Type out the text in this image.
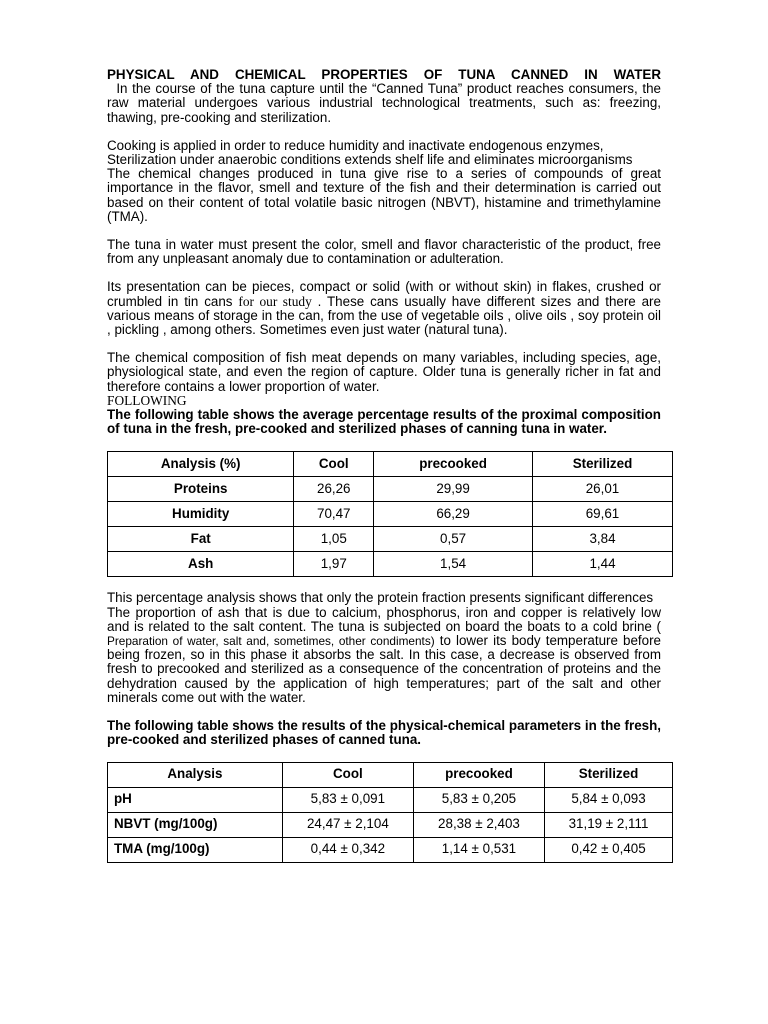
PHYSICAL AND CHEMICAL PROPERTIES OF TUNA CANNED IN WATER

In the course of the tuna capture until the “Canned Tuna” product reaches consumers, the raw material undergoes various industrial technological treatments, such as: freezing, thawing, pre-cooking and sterilization.

Cooking is applied in order to reduce humidity and inactivate endogenous enzymes,

Sterilization under anaerobic conditions extends shelf life and eliminates microorganisms

The chemical changes produced in tuna give rise to a series of compounds of great importance in the flavor, smell and texture of the fish and their determination is carried out based on their content of total volatile basic nitrogen (NBVT), histamine and trimethylamine (TMA).

The tuna in water must present the color, smell and flavor characteristic of the product, free from any unpleasant anomaly due to contamination or adulteration.

Its presentation can be pieces, compact or solid (with or without skin) in flakes, crushed or crumbled in tin cans for our study . These cans usually have different sizes and there are various means of storage in the can, from the use of vegetable oils , olive oils , soy protein oil , pickling , among others. Sometimes even just water (natural tuna).

The chemical composition of fish meat depends on many variables, including species, age, physiological state, and even the region of capture. Older tuna is generally richer in fat and therefore contains a lower proportion of water.

FOLLOWING

The following table shows the average percentage results of the proximal composition of tuna in the fresh, pre-cooked and sterilized phases of canning tuna in water.

Analysis (%)	Cool	precooked	Sterilized
Proteins	26,26	29,99	26,01
Humidity	70,47	66,29	69,61
Fat	1,05	0,57	3,84
Ash	1,97	1,54	1,44

This percentage analysis shows that only the protein fraction presents significant differences

The proportion of ash that is due to calcium, phosphorus, iron and copper is relatively low and is related to the salt content. The tuna is subjected on board the boats to a cold brine ( Preparation of water, salt and, sometimes, other condiments) to lower its body temperature before being frozen, so in this phase it absorbs the salt. In this case, a decrease is observed from fresh to precooked and sterilized as a consequence of the concentration of proteins and the dehydration caused by the application of high temperatures; part of the salt and other minerals come out with the water.

The following table shows the results of the physical-chemical parameters in the fresh, pre-cooked and sterilized phases of canned tuna.

Analysis	Cool	precooked	Sterilized
pH	5,83 ± 0,091	5,83 ± 0,205	5,84 ± 0,093
NBVT (mg/100g)	24,47 ± 2,104	28,38 ± 2,403	31,19 ± 2,111
TMA (mg/100g)	0,44 ± 0,342	1,14 ± 0,531	0,42 ± 0,405
